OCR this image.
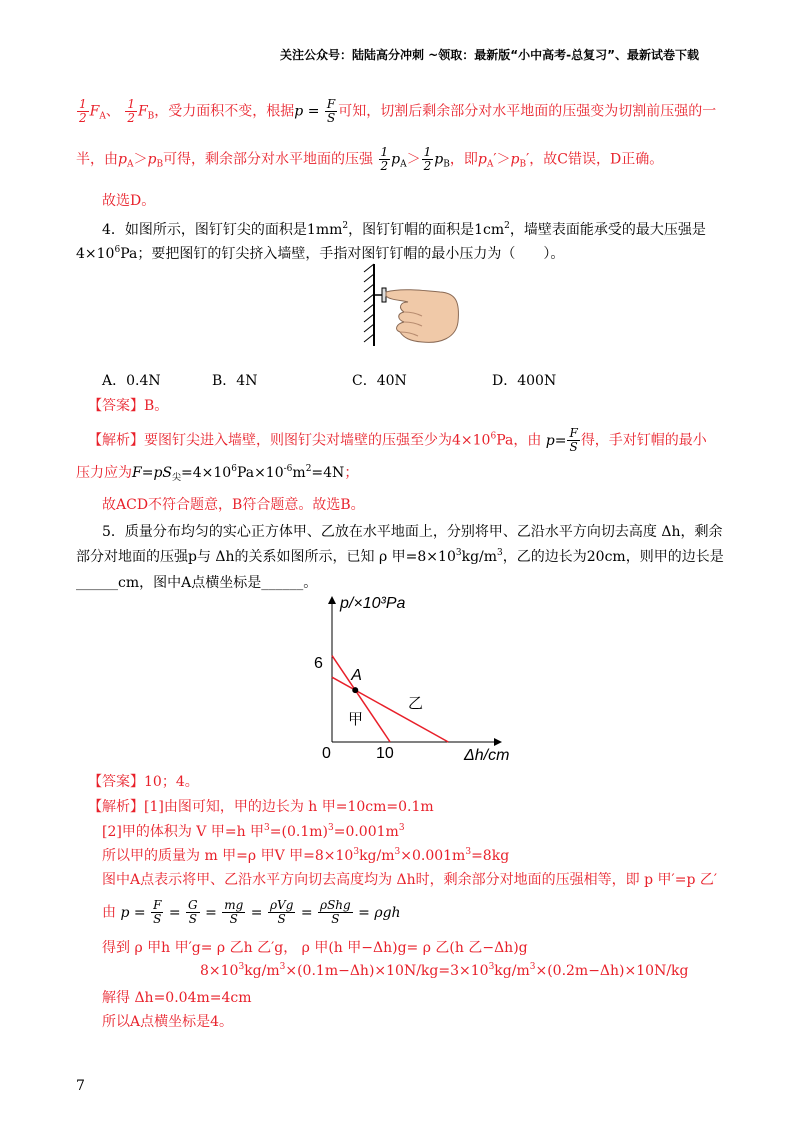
关注公众号：陆陆高分冲刺 ~领取：最新版“小中高考-总复习”、最新试卷下载
$\frac{1}{2} F_A$、 $\frac{1}{2} F_B$，受力面积不变，根据$p = \frac{F}{S}$ 可知，切割后剩余部分对水平地面的压强变为切割前压强的一
半，由$p_A>p_B$可得，剩余部分对水平地面的压强 $\frac{1}{2} p_A> \frac{1}{2} p_B$，即$p_A'>p_B'$，故C错误，D正确。
故选D。
4．如图所示，图钉钉尖的面积是$1mm^2$，图钉钉帽的面积是$1cm^2$，墙壁表面能承受的最大压强是
$4\times 10^6Pa$；要把图钉的钉尖挤入墙壁，手指对图钉钉帽的最小压力为（　　）。
A．0.4N	B．4N	C．40N	D．400N
【答案】B。
【解析】要图钉尖进入墙壁，则图钉尖对墙壁的压强至少为$4\times 10^6Pa$，由 $p= \frac{F}{S}$ 得，手对钉帽的最小
压力应为$F=pS_尖=4\times 10^6Pa\times 10^{-6}m^2=4N$；
故ACD不符合题意，B符合题意。故选B。
5．质量分布均匀的实心正方体甲、乙放在水平地面上，分别将甲、乙沿水平方向切去高度 Δh，剩余
部分对地面的压强p与 Δh的关系如图所示，已知 ρ 甲$=8\times 10^3kg/m^3$，乙的边长为20cm，则甲的边长是
______cm，图中A点横坐标是______。
p/×10³Pa
Δh/cm
0	10
6
A
甲
乙
【答案】10；4。
【解析】[1]由图可知，甲的边长为 h 甲=10cm=0.1m
[2]甲的体积为 V 甲=h 甲$^3=(0.1m)^3=0.001m^3$
所以甲的质量为 m 甲=ρ 甲V 甲$=8\times 10^3kg/m^3\times 0.001m^3=8kg$
图中A点表示将甲、乙沿水平方向切去高度均为 Δh时，剩余部分对地面的压强相等，即 p 甲′=p 乙′
由 $p = \frac{F}{S} = \frac{G}{S} = \frac{mg}{S} = \frac{\text{ρVg}}{S} = \frac{\text{ρShg}}{S} = \rho gh$
得到 ρ 甲h 甲′g= ρ 乙h 乙′g， ρ 甲(h 甲−Δh)g= ρ 乙(h 乙−Δh)g
$8\times 10^3kg/m^3\times(0.1m-\Delta h)\times 10N/kg=3\times 10^3kg/m^3\times(0.2m-\Delta h)\times 10N/kg$
解得 Δh=0.04m=4cm
所以A点横坐标是4。
7
